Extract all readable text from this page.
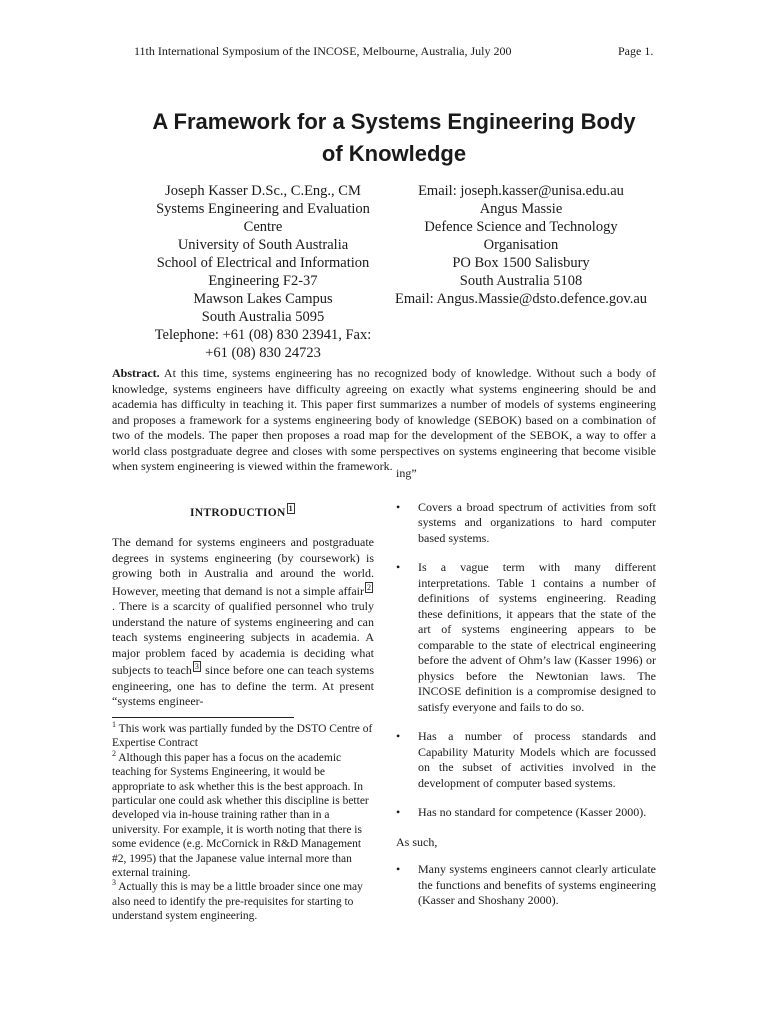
11th International Symposium of the INCOSE, Melbourne, Australia, July 200	Page 1.
A Framework for a Systems Engineering Body
of Knowledge
Joseph Kasser D.Sc., C.Eng., CM
Systems Engineering and Evaluation
Centre
University of South Australia
School of Electrical and Information
Engineering F2-37
Mawson Lakes Campus
South Australia 5095
Telephone: +61 (08) 830 23941, Fax:
+61 (08) 830 24723
Email: joseph.kasser@unisa.edu.au
Angus Massie
Defence Science and Technology
Organisation
PO Box 1500 Salisbury
South Australia 5108
Email: Angus.Massie@dsto.defence.gov.au

Abstract. At this time, systems engineering has no recognized body of knowledge. Without such a body of knowledge, systems engineers have difficulty agreeing on exactly what systems engineering should be and academia has difficulty in teaching it. This paper first summarizes a number of models of systems engineering and proposes a framework for a systems engineering body of knowledge (SEBOK) based on a combination of two of the models. The paper then proposes a road map for the development of the SEBOK, a way to offer a world class postgraduate degree and closes with some perspectives on systems engineering that become visible when system engineering is viewed within the framework.

INTRODUCTION 1

The demand for systems engineers and postgraduate degrees in systems engineering (by coursework) is growing both in Australia and around the world. However, meeting that demand is not a simple affair 2. There is a scarcity of qualified personnel who truly understand the nature of systems engineering and can teach systems engineering subjects in academia. A major problem faced by academia is deciding what subjects to teach 3 since before one can teach systems engineering, one has to define the term. At present “systems engineer-

$^1$ This work was partially funded by the DSTO Centre of Expertise Contract

$^2$ Although this paper has a focus on the academic teaching for Systems Engineering, it would be appropriate to ask whether this is the best approach. In particular one could ask whether this discipline is better developed via in-house training rather than in a university. For example, it is worth noting that there is some evidence (e.g. McCornick in R&D Management #2, 1995) that the Japanese value internal more than external training.

$^3$ Actually this is may be a little broader since one may also need to identify the pre-requisites for starting to understand system engineering.

ing”

• Covers a broad spectrum of activities from soft systems and organizations to hard computer based systems.
• Is a vague term with many different interpretations. Table 1 contains a number of definitions of systems engineering. Reading these definitions, it appears that the state of the art of systems engineering appears to be comparable to the state of electrical engineering before the advent of Ohm’s law (Kasser 1996) or physics before the Newtonian laws. The INCOSE definition is a compromise designed to satisfy everyone and fails to do so.
• Has a number of process standards and Capability Maturity Models which are focussed on the subset of activities involved in the development of computer based systems.
• Has no standard for competence (Kasser 2000).

As such,

• Many systems engineers cannot clearly articulate the functions and benefits of systems engineering (Kasser and Shoshany 2000).
